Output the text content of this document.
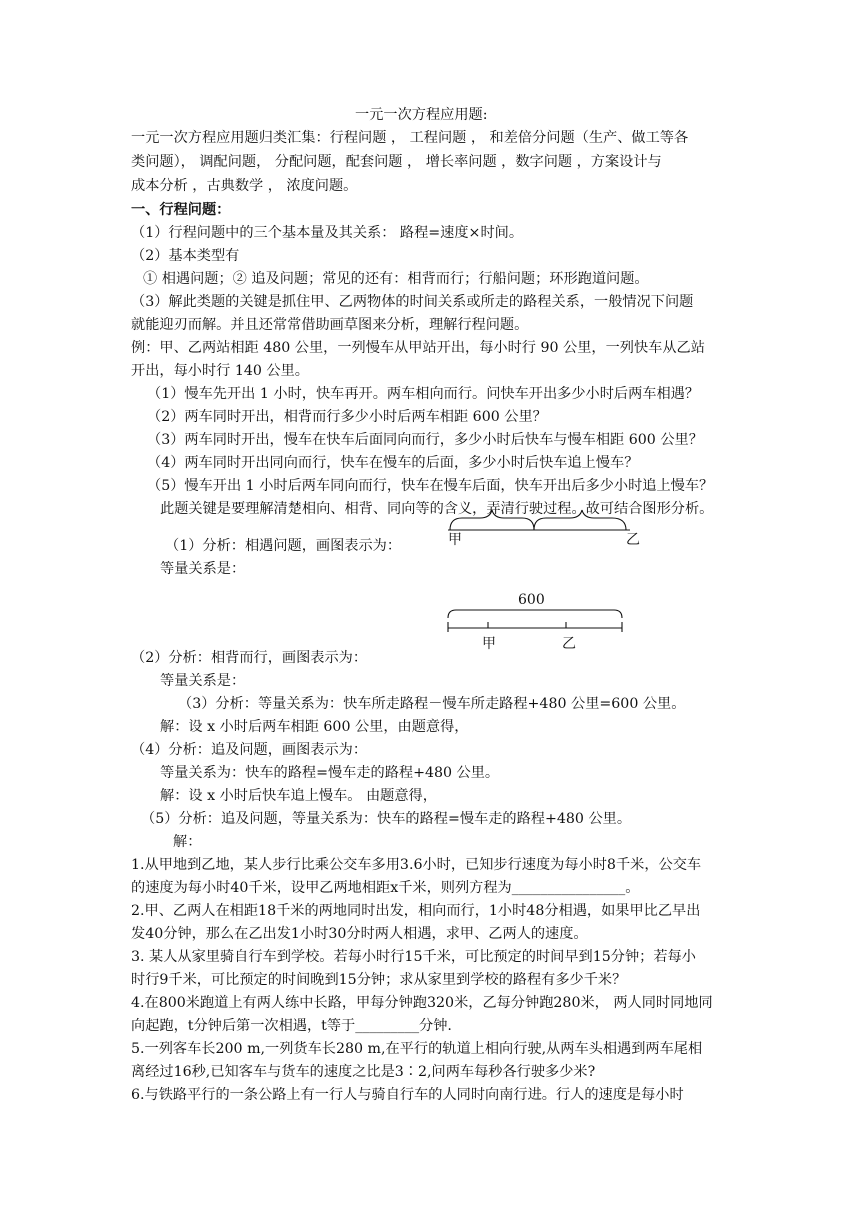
一元一次方程应用题:
一元一次方程应用题归类汇集：行程问题 ， 工程问题 ， 和差倍分问题（生产、做工等各
类问题）， 调配问题， 分配问题，配套问题 ， 增长率问题 ，数字问题 ，方案设计与
成本分析 ，古典数学 ， 浓度问题。
一、行程问题：
（1）行程问题中的三个基本量及其关系： 路程=速度×时间。
（2）基本类型有
① 相遇问题；② 追及问题；常见的还有：相背而行；行船问题；环形跑道问题。
（3）解此类题的关键是抓住甲、乙两物体的时间关系或所走的路程关系，一般情况下问题
就能迎刃而解。并且还常常借助画草图来分析，理解行程问题。
例：甲、乙两站相距 480 公里，一列慢车从甲站开出，每小时行 90 公里，一列快车从乙站
开出，每小时行 140 公里。
（1）慢车先开出 1 小时，快车再开。两车相向而行。问快车开出多少小时后两车相遇？
（2）两车同时开出，相背而行多少小时后两车相距 600 公里？
（3）两车同时开出，慢车在快车后面同向而行，多少小时后快车与慢车相距 600 公里？
（4）两车同时开出同向而行，快车在慢车的后面，多少小时后快车追上慢车？
（5）慢车开出 1 小时后两车同向而行，快车在慢车后面，快车开出后多少小时追上慢车？
此题关键是要理解清楚相向、相背、同向等的含义，弄清行驶过程。故可结合图形分析。
甲	乙
（1）分析：相遇问题，画图表示为：
等量关系是：
600
甲	乙
（2）分析：相背而行，画图表示为：
等量关系是：
（3）分析：等量关系为：快车所走路程－慢车所走路程+480 公里=600 公里。
解：设 x 小时后两车相距 600 公里，由题意得，
（4）分析：追及问题，画图表示为：
等量关系为：快车的路程=慢车走的路程+480 公里。
解：设 x 小时后快车追上慢车。 由题意得，
（5）分析：追及问题，等量关系为：快车的路程=慢车走的路程+480 公里。
解：
1.从甲地到乙地，某人步行比乘公交车多用3.6小时，已知步行速度为每小时8千米，公交车
的速度为每小时40千米，设甲乙两地相距x千米，则列方程为________________。
2.甲、乙两人在相距18千米的两地同时出发，相向而行，1小时48分相遇，如果甲比乙早出
发40分钟，那么在乙出发1小时30分时两人相遇，求甲、乙两人的速度。
3. 某人从家里骑自行车到学校。若每小时行15千米，可比预定的时间早到15分钟；若每小
时行9千米，可比预定的时间晚到15分钟；求从家里到学校的路程有多少千米？
4.在800米跑道上有两人练中长路，甲每分钟跑320米，乙每分钟跑280米， 两人同时同地同
向起跑，t分钟后第一次相遇，t等于_________分钟.
5.一列客车长200 m,一列货车长280 m,在平行的轨道上相向行驶,从两车头相遇到两车尾相
离经过16秒,已知客车与货车的速度之比是3∶2,问两车每秒各行驶多少米?
6.与铁路平行的一条公路上有一行人与骑自行车的人同时向南行进。行人的速度是每小时
